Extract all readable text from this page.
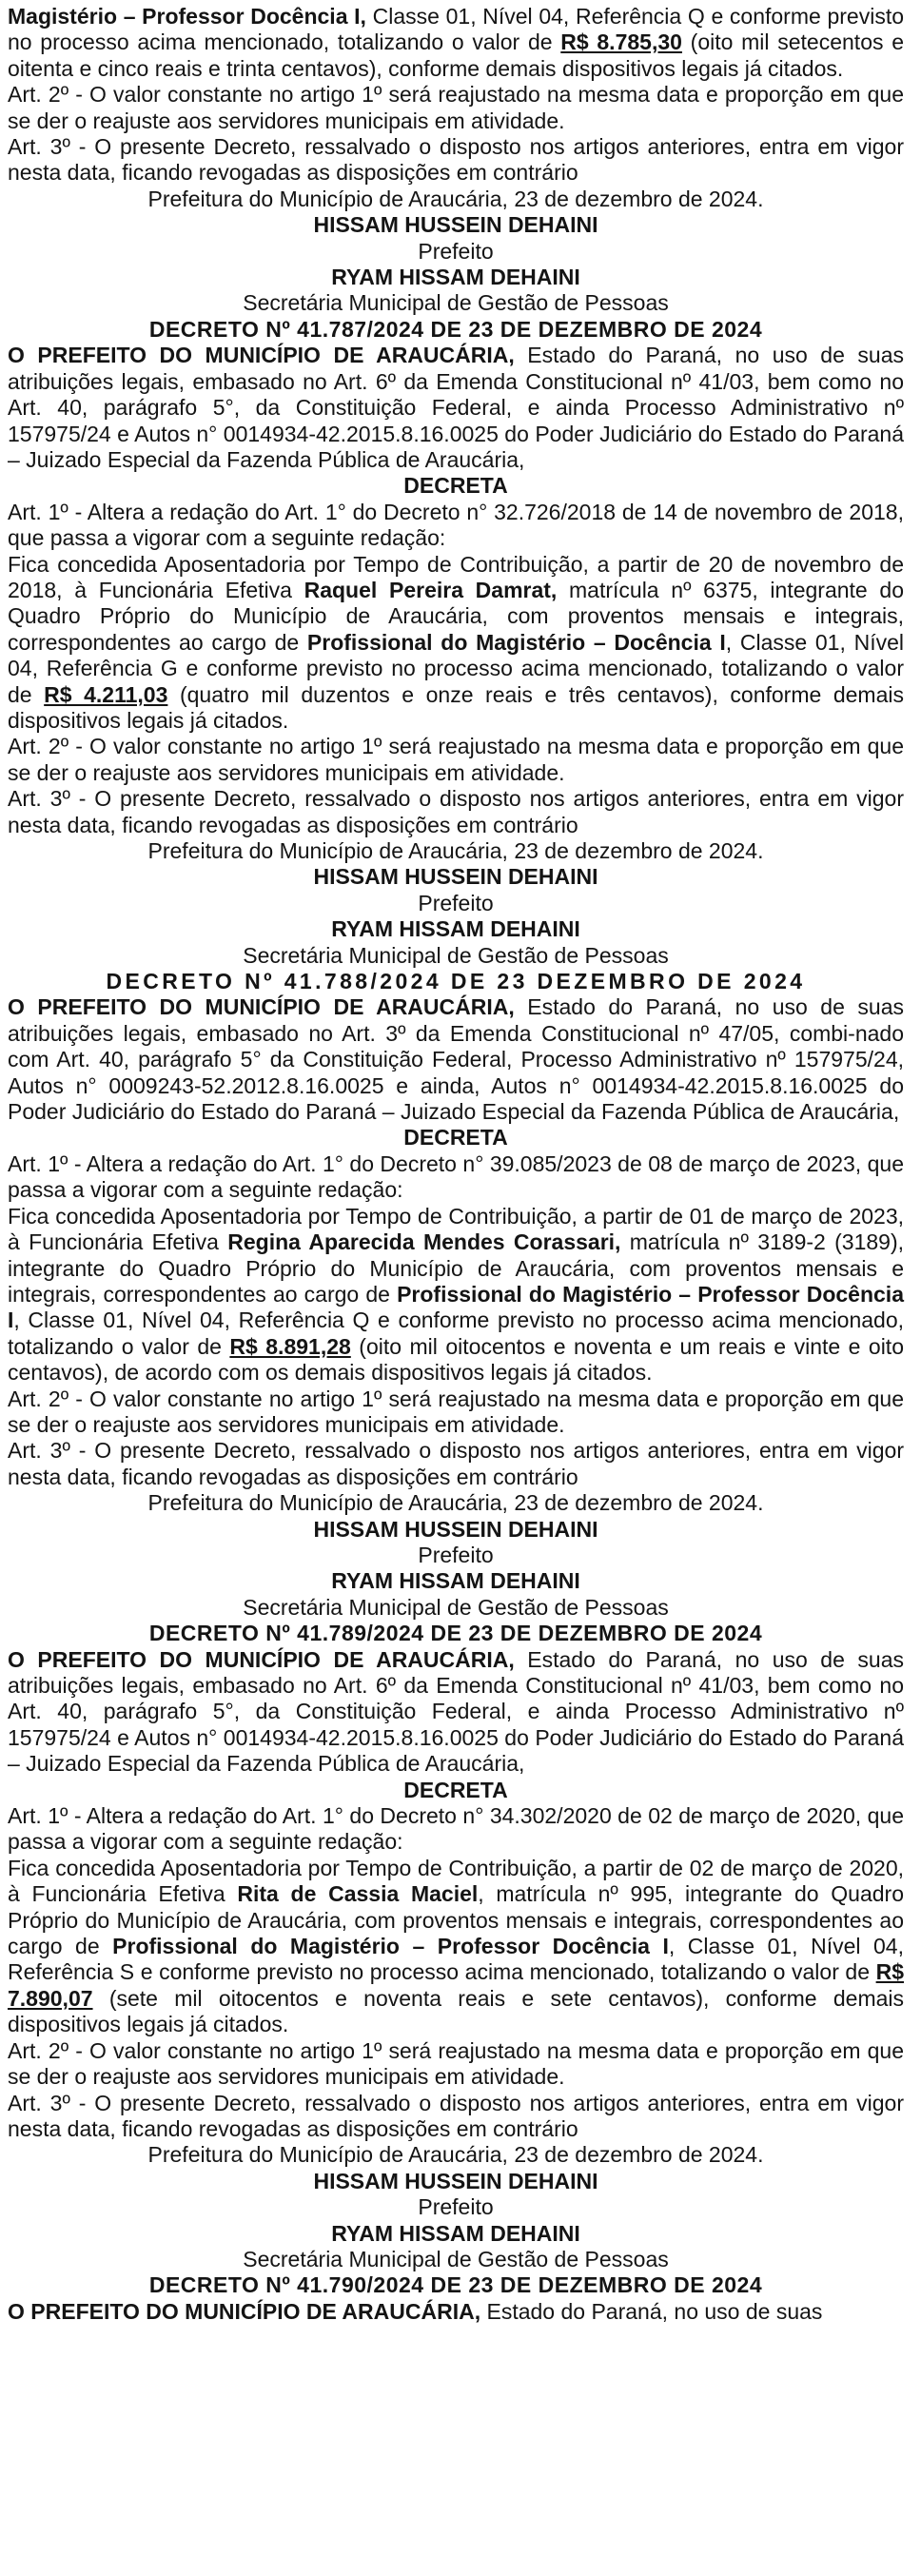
Magistério – Professor Docência I, Classe 01, Nível 04, Referência Q e conforme previsto no processo acima mencionado, totalizando o valor de R$ 8.785,30 (oito mil setecentos e oitenta e cinco reais e trinta centavos), conforme demais dispositivos legais já citados.

Art. 2º - O valor constante no artigo 1º será reajustado na mesma data e proporção em que se der o reajuste aos servidores municipais em atividade.

Art. 3º - O presente Decreto, ressalvado o disposto nos artigos anteriores, entra em vigor nesta data, ficando revogadas as disposições em contrário

Prefeitura do Município de Araucária, 23 de dezembro de 2024.

HISSAM HUSSEIN DEHAINI

Prefeito

RYAM HISSAM DEHAINI

Secretária Municipal de Gestão de Pessoas

DECRETO Nº 41.787/2024 DE 23 DE DEZEMBRO DE 2024

O PREFEITO DO MUNICÍPIO DE ARAUCÁRIA, Estado do Paraná, no uso de suas atribuições legais, embasado no Art. 6º da Emenda Constitucional nº 41/03, bem como no Art. 40, parágrafo 5°, da Constituição Federal, e ainda Processo Administrativo nº 157975/24 e Autos n° 0014934-42.2015.8.16.0025 do Poder Judiciário do Estado do Paraná – Juizado Especial da Fazenda Pública de Araucária,

DECRETA

Art. 1º - Altera a redação do Art. 1° do Decreto n° 32.726/2018 de 14 de novembro de 2018, que passa a vigorar com a seguinte redação:

Fica concedida Aposentadoria por Tempo de Contribuição, a partir de 20 de novembro de 2018, à Funcionária Efetiva Raquel Pereira Damrat, matrícula nº 6375, integrante do Quadro Próprio do Município de Araucária, com proventos mensais e integrais, correspondentes ao cargo de Profissional do Magistério – Docência I, Classe 01, Nível 04, Referência G e conforme previsto no processo acima mencionado, totalizando o valor de R$ 4.211,03 (quatro mil duzentos e onze reais e três centavos), conforme demais dispositivos legais já citados.

Art. 2º - O valor constante no artigo 1º será reajustado na mesma data e proporção em que se der o reajuste aos servidores municipais em atividade.

Art. 3º - O presente Decreto, ressalvado o disposto nos artigos anteriores, entra em vigor nesta data, ficando revogadas as disposições em contrário

Prefeitura do Município de Araucária, 23 de dezembro de 2024.

HISSAM HUSSEIN DEHAINI

Prefeito

RYAM HISSAM DEHAINI

Secretária Municipal de Gestão de Pessoas

DECRETO Nº 41.788/2024 DE 23 DEZEMBRO DE 2024

O PREFEITO DO MUNICÍPIO DE ARAUCÁRIA, Estado do Paraná, no uso de suas atribuições legais, embasado no Art. 3º da Emenda Constitucional nº 47/05, combi-nado com Art. 40, parágrafo 5° da Constituição Federal, Processo Administrativo nº 157975/24, Autos n° 0009243-52.2012.8.16.0025 e ainda, Autos n° 0014934-42.2015.8.16.0025 do Poder Judiciário do Estado do Paraná – Juizado Especial da Fazenda Pública de Araucária,

DECRETA

Art. 1º - Altera a redação do Art. 1° do Decreto n° 39.085/2023 de 08 de março de 2023, que passa a vigorar com a seguinte redação:

Fica concedida Aposentadoria por Tempo de Contribuição, a partir de 01 de março de 2023, à Funcionária Efetiva Regina Aparecida Mendes Corassari, matrícula nº 3189-2 (3189), integrante do Quadro Próprio do Município de Araucária, com proventos mensais e integrais, correspondentes ao cargo de Profissional do Magistério – Professor Docência I, Classe 01, Nível 04, Referência Q e conforme previsto no processo acima mencionado, totalizando o valor de R$ 8.891,28 (oito mil oitocentos e noventa e um reais e vinte e oito centavos), de acordo com os demais dispositivos legais já citados.

Art. 2º - O valor constante no artigo 1º será reajustado na mesma data e proporção em que se der o reajuste aos servidores municipais em atividade.

Art. 3º - O presente Decreto, ressalvado o disposto nos artigos anteriores, entra em vigor nesta data, ficando revogadas as disposições em contrário

Prefeitura do Município de Araucária, 23 de dezembro de 2024.

HISSAM HUSSEIN DEHAINI

Prefeito

RYAM HISSAM DEHAINI

Secretária Municipal de Gestão de Pessoas

DECRETO Nº 41.789/2024 DE 23 DE DEZEMBRO DE 2024

O PREFEITO DO MUNICÍPIO DE ARAUCÁRIA, Estado do Paraná, no uso de suas atribuições legais, embasado no Art. 6º da Emenda Constitucional nº 41/03, bem como no Art. 40, parágrafo 5°, da Constituição Federal, e ainda Processo Administrativo nº 157975/24 e Autos n° 0014934-42.2015.8.16.0025 do Poder Judiciário do Estado do Paraná – Juizado Especial da Fazenda Pública de Araucária,

DECRETA

Art. 1º - Altera a redação do Art. 1° do Decreto n° 34.302/2020 de 02 de março de 2020, que passa a vigorar com a seguinte redação:

Fica concedida Aposentadoria por Tempo de Contribuição, a partir de 02 de março de 2020, à Funcionária Efetiva Rita de Cassia Maciel, matrícula nº 995, integrante do Quadro Próprio do Município de Araucária, com proventos mensais e integrais, correspondentes ao cargo de Profissional do Magistério – Professor Docência I, Classe 01, Nível 04, Referência S e conforme previsto no processo acima mencionado, totalizando o valor de R$ 7.890,07 (sete mil oitocentos e noventa reais e sete centavos), conforme demais dispositivos legais já citados.

Art. 2º - O valor constante no artigo 1º será reajustado na mesma data e proporção em que se der o reajuste aos servidores municipais em atividade.

Art. 3º - O presente Decreto, ressalvado o disposto nos artigos anteriores, entra em vigor nesta data, ficando revogadas as disposições em contrário

Prefeitura do Município de Araucária, 23 de dezembro de 2024.

HISSAM HUSSEIN DEHAINI

Prefeito

RYAM HISSAM DEHAINI

Secretária Municipal de Gestão de Pessoas

DECRETO Nº 41.790/2024 DE 23 DE DEZEMBRO DE 2024

O PREFEITO DO MUNICÍPIO DE ARAUCÁRIA, Estado do Paraná, no uso de suas
